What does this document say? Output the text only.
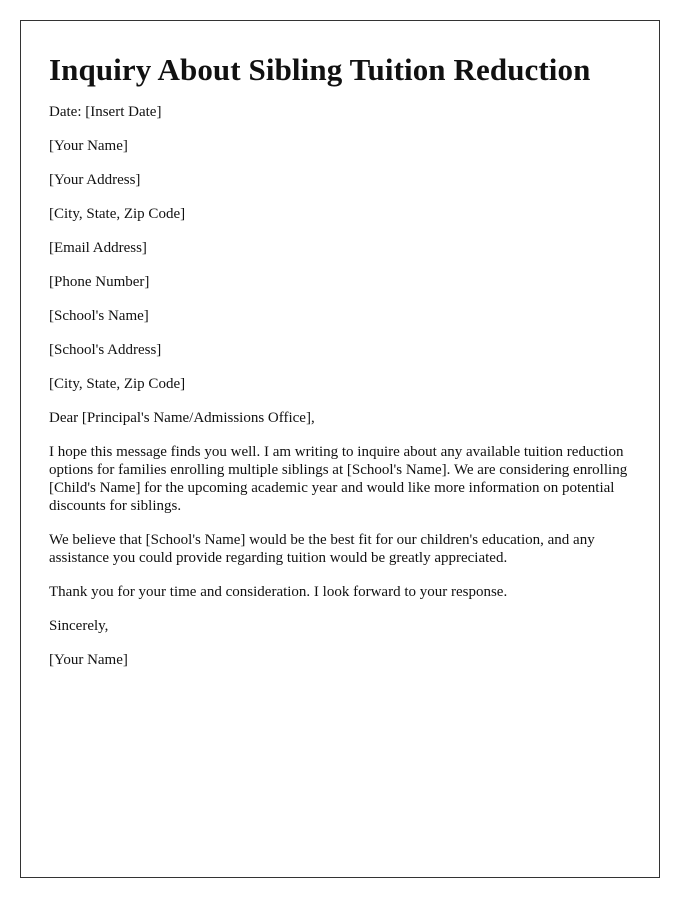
Inquiry About Sibling Tuition Reduction

Date: [Insert Date]

[Your Name]

[Your Address]

[City, State, Zip Code]

[Email Address]

[Phone Number]

[School's Name]

[School's Address]

[City, State, Zip Code]

Dear [Principal's Name/Admissions Office],

I hope this message finds you well. I am writing to inquire about any available tuition reduction options for families enrolling multiple siblings at [School's Name]. We are considering enrolling [Child's Name] for the upcoming academic year and would like more information on potential discounts for siblings.

We believe that [School's Name] would be the best fit for our children's education, and any assistance you could provide regarding tuition would be greatly appreciated.

Thank you for your time and consideration. I look forward to your response.

Sincerely,

[Your Name]
